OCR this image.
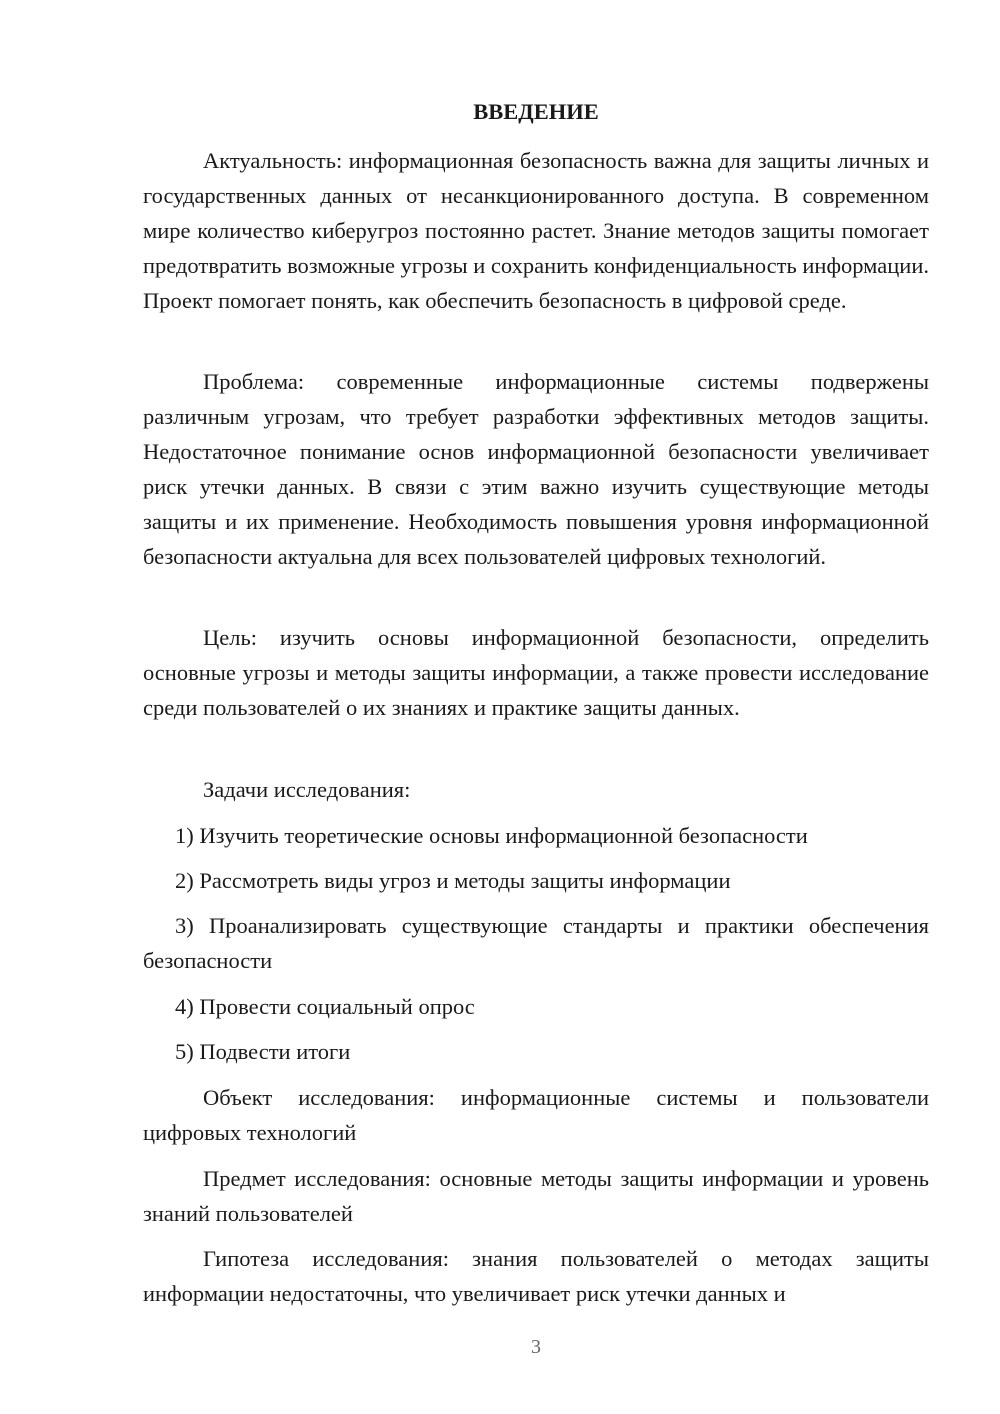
ВВЕДЕНИЕ

Актуальность: информационная безопасность важна для защиты личных и государственных данных от несанкционированного доступа. В современном мире количество киберугроз постоянно растет. Знание методов защиты помогает предотвратить возможные угрозы и сохранить конфиденциальность информации. Проект помогает понять, как обеспечить безопасность в цифровой среде.

Проблема: современные информационные системы подвержены различным угрозам, что требует разработки эффективных методов защиты. Недостаточное понимание основ информационной безопасности увеличивает риск утечки данных. В связи с этим важно изучить существующие методы защиты и их применение. Необходимость повышения уровня информационной безопасности актуальна для всех пользователей цифровых технологий.

Цель: изучить основы информационной безопасности, определить основные угрозы и методы защиты информации, а также провести исследование среди пользователей о их знаниях и практике защиты данных.

Задачи исследования:

1) Изучить теоретические основы информационной безопасности

2) Рассмотреть виды угроз и методы защиты информации

3) Проанализировать существующие стандарты и практики обеспечения безопасности

4) Провести социальный опрос

5) Подвести итоги

Объект исследования: информационные системы и пользователи цифровых технологий

Предмет исследования: основные методы защиты информации и уровень знаний пользователей

Гипотеза исследования: знания пользователей о методах защиты информации недостаточны, что увеличивает риск утечки данных и

3
